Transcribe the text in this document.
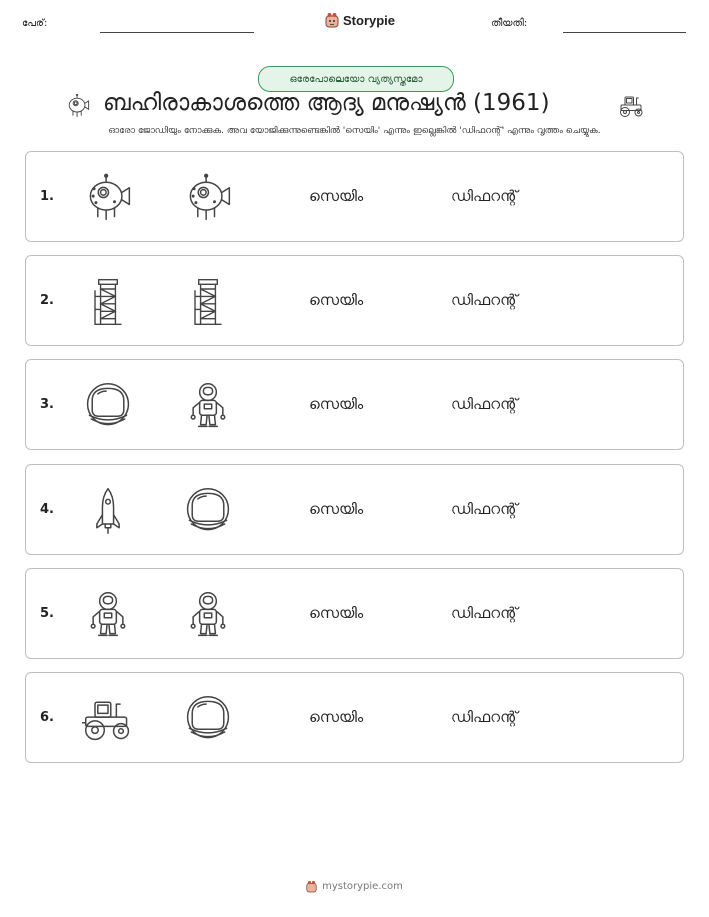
പേര്:	Storypie	തീയതി:
ഒരേപോലെയോ വ്യത്യസ്തമോ
ബഹിരാകാശത്തെ ആദ്യ മനുഷ്യൻ (1961)
ഓരോ ജോഡിയും നോക്കുക. അവ യോജിക്കുന്നുണ്ടെങ്കിൽ 'സെയിം' എന്നും ഇല്ലെങ്കിൽ 'ഡിഫറന്റ്' എന്നും വൃത്തം ചെയ്യുക.
1.	സെയിം	ഡിഫറന്റ്
2.	സെയിം	ഡിഫറന്റ്
3.	സെയിം	ഡിഫറന്റ്
4.	സെയിം	ഡിഫറന്റ്
5.	സെയിം	ഡിഫറന്റ്
6.	സെയിം	ഡിഫറന്റ്
mystorypie.com
